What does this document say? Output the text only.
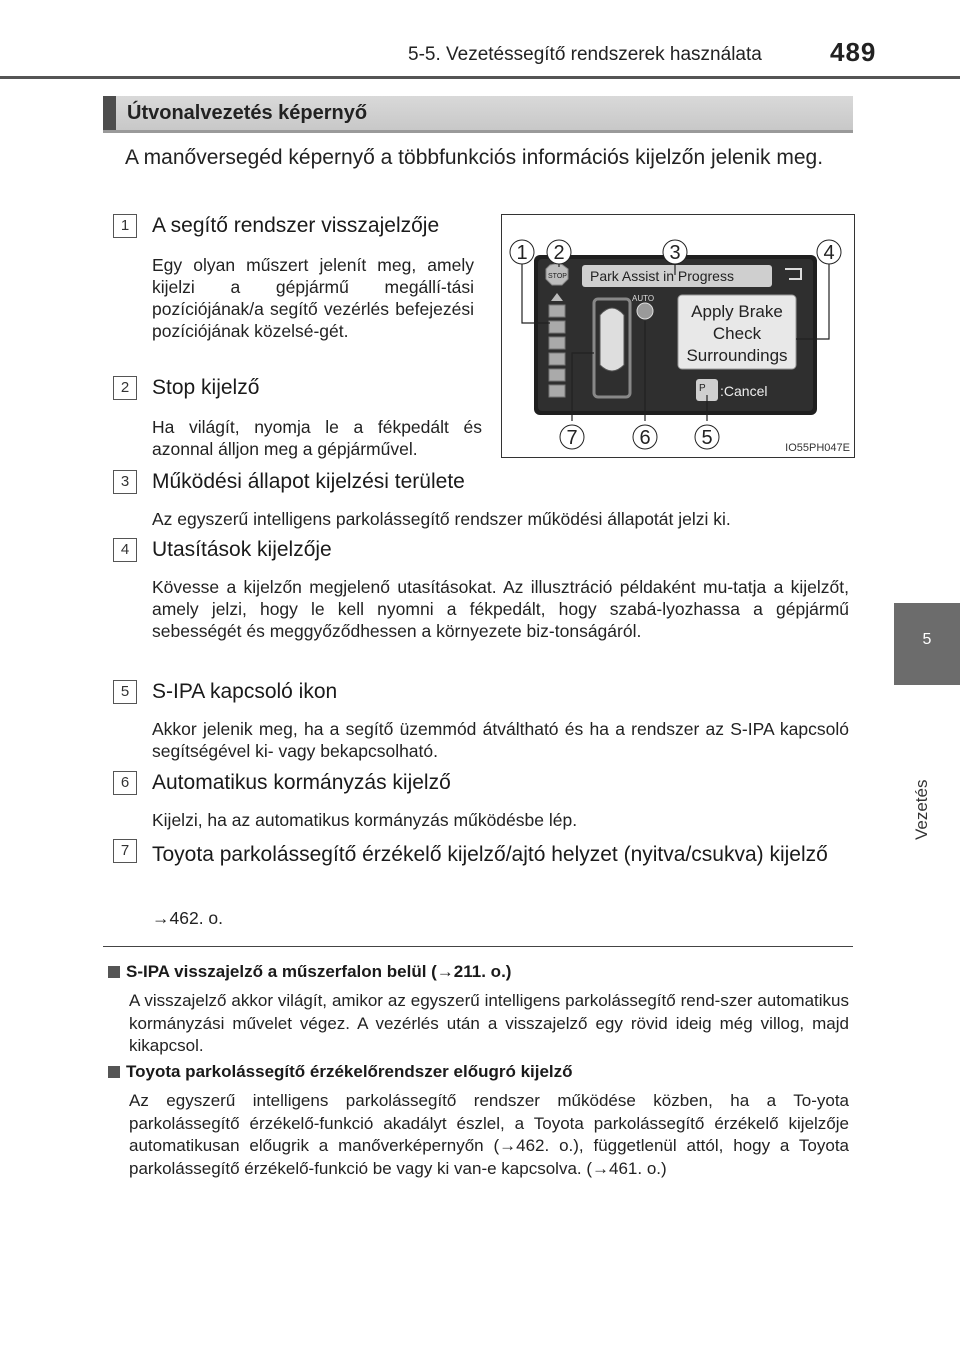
5-5. Vezetéssegítő rendszerek használata	489
5
Vezetés
Útvonalvezetés képernyő
A manőversegéd képernyő a többfunkciós információs kijelzőn jelenik meg.
Park Assist in Progress
STOP
AUTO
Apply Brake
Check
Surroundings
P :Cancel
1 2	3	4
7	6	5	IO55PH047E
1	A segítő rendszer visszajelzője
Egy olyan műszert jelenít meg, amely kijelzi a gépjármű megállí-tási pozíciójának/a segítő vezérlés befejezési pozíciójának közelsé-gét.
2	Stop kijelző
Ha világít, nyomja le a fékpedált és azonnal álljon meg a gépjárművel.
3	Működési állapot kijelzési területe
Az egyszerű intelligens parkolássegítő rendszer működési állapotát jelzi ki.
4	Utasítások kijelzője
Kövesse a kijelzőn megjelenő utasításokat. Az illusztráció példaként mu-tatja a kijelzőt, amely jelzi, hogy le kell nyomni a fékpedált, hogy szabá-lyozhassa a gépjármű sebességét és meggyőződhessen a környezete biz-tonságáról.
5	S-IPA kapcsoló ikon
Akkor jelenik meg, ha a segítő üzemmód átváltható és ha a rendszer az S-IPA kapcsoló segítségével ki- vagy bekapcsolható.
6	Automatikus kormányzás kijelző
Kijelzi, ha az automatikus kormányzás működésbe lép.
7	Toyota parkolássegítő érzékelő kijelző/ajtó helyzet (nyitva/csukva) kijelző
→462. o.
S-IPA visszajelző a műszerfalon belül (→211. o.)
A visszajelző akkor világít, amikor az egyszerű intelligens parkolássegítő rend-szer automatikus kormányzási művelet végez. A vezérlés után a visszajelző egy rövid ideig még villog, majd kikapcsol.
Toyota parkolássegítő érzékelőrendszer előugró kijelző
Az egyszerű intelligens parkolássegítő rendszer működése közben, ha a To-yota parkolássegítő érzékelő-funkció akadályt észlel, a Toyota parkolássegítő érzékelő kijelzője automatikusan előugrik a manőverképernyőn (→462. o.), függetlenül attól, hogy a Toyota parkolássegítő érzékelő-funkció be vagy ki van-e kapcsolva. (→461. o.)
